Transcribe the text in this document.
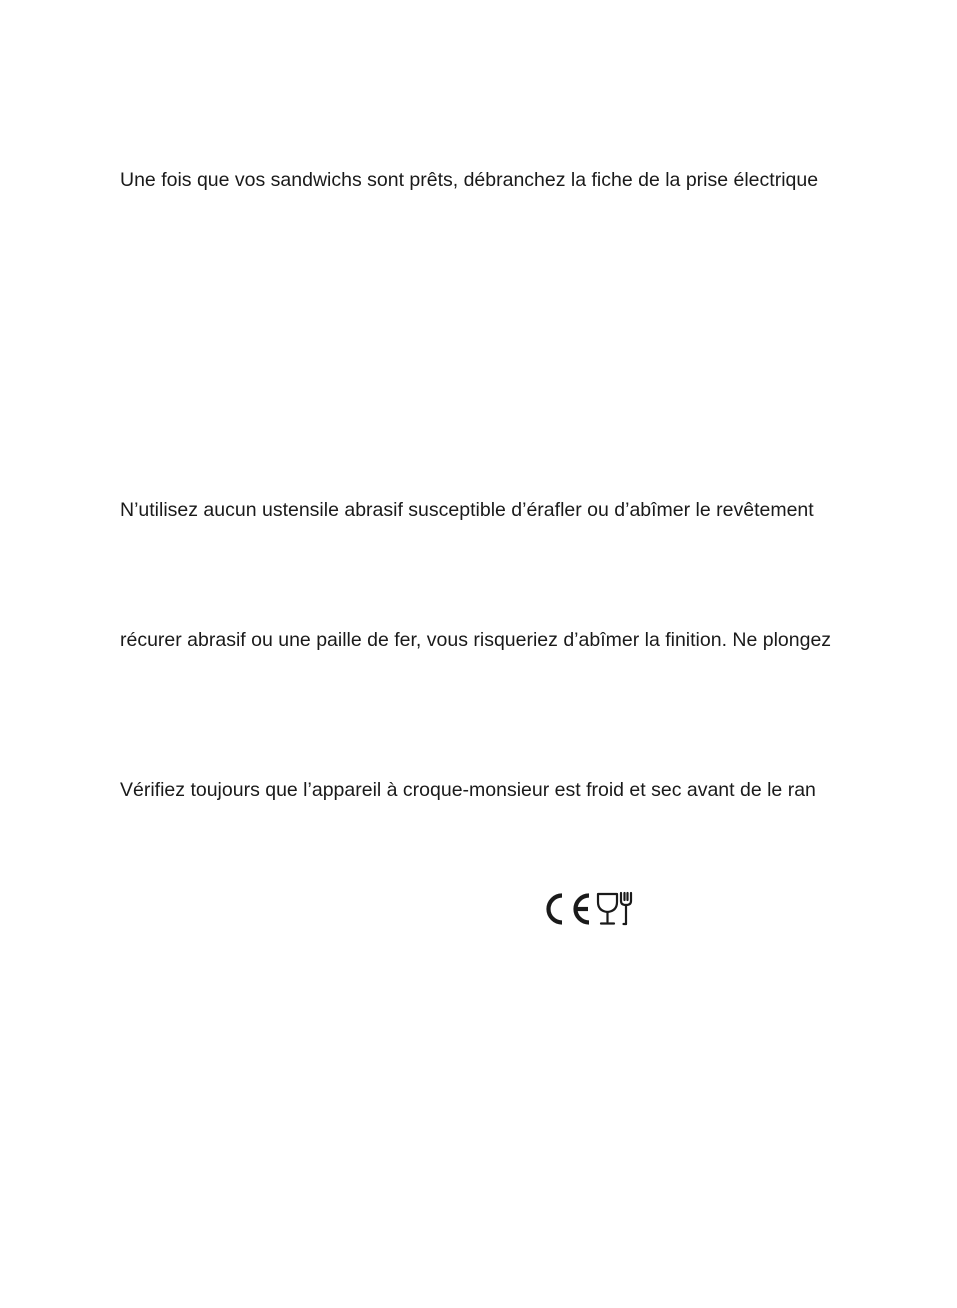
Une fois que vos sandwichs sont prêts, débranchez la fiche de la prise électrique
N’utilisez aucun ustensile abrasif susceptible d’érafler ou d’abîmer le revêtement
récurer abrasif ou une paille de fer, vous risqueriez d’abîmer la finition. Ne plongez
Vérifiez toujours que l’appareil à croque-monsieur est froid et sec avant de le ran
